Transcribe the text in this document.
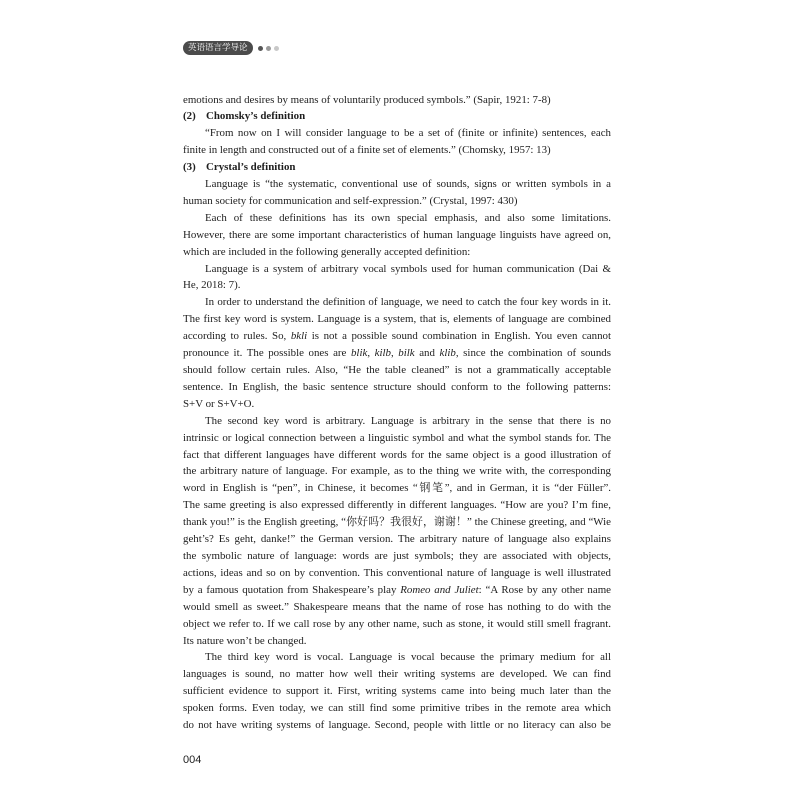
英语语言学导论
emotions and desires by means of voluntarily produced symbols.” (Sapir, 1921: 7-8)
(2) Chomsky’s definition
“From now on I will consider language to be a set of (finite or infinite) sentences, each
finite in length and constructed out of a finite set of elements.” (Chomsky, 1957: 13)
(3) Crystal’s definition
Language is “the systematic, conventional use of sounds, signs or written symbols in a
human society for communication and self-expression.” (Crystal, 1997: 430)
Each of these definitions has its own special emphasis, and also some limitations.
However, there are some important characteristics of human language linguists have agreed on,
which are included in the following generally accepted definition:
Language is a system of arbitrary vocal symbols used for human communication (Dai &
He, 2018: 7).
In order to understand the definition of language, we need to catch the four key words in it.
The first key word is system. Language is a system, that is, elements of language are combined
according to rules. So, bkli is not a possible sound combination in English. You even cannot
pronounce it. The possible ones are blik, kilb, bilk and klib, since the combination of sounds
should follow certain rules. Also, “He the table cleaned” is not a grammatically acceptable
sentence. In English, the basic sentence structure should conform to the following patterns:
S+V or S+V+O.
The second key word is arbitrary. Language is arbitrary in the sense that there is no
intrinsic or logical connection between a linguistic symbol and what the symbol stands for. The
fact that different languages have different words for the same object is a good illustration of
the arbitrary nature of language. For example, as to the thing we write with, the corresponding
word in English is “pen”, in Chinese, it becomes “钢笔”, and in German, it is “der Füller”.
The same greeting is also expressed differently in different languages. “How are you? I’m fine,
thank you!” is the English greeting, “你好吗？我很好，谢谢！” the Chinese greeting, and “Wie
geht’s? Es geht, danke!” the German version. The arbitrary nature of language also explains
the symbolic nature of language: words are just symbols; they are associated with objects,
actions, ideas and so on by convention. This conventional nature of language is well illustrated
by a famous quotation from Shakespeare’s play Romeo and Juliet: “A Rose by any other name
would smell as sweet.” Shakespeare means that the name of rose has nothing to do with the
object we refer to. If we call rose by any other name, such as stone, it would still smell fragrant.
Its nature won’t be changed.
The third key word is vocal. Language is vocal because the primary medium for all
languages is sound, no matter how well their writing systems are developed. We can find
sufficient evidence to support it. First, writing systems came into being much later than the
spoken forms. Even today, we can still find some primitive tribes in the remote area which
do not have writing systems of language. Second, people with little or no literacy can also be
004
